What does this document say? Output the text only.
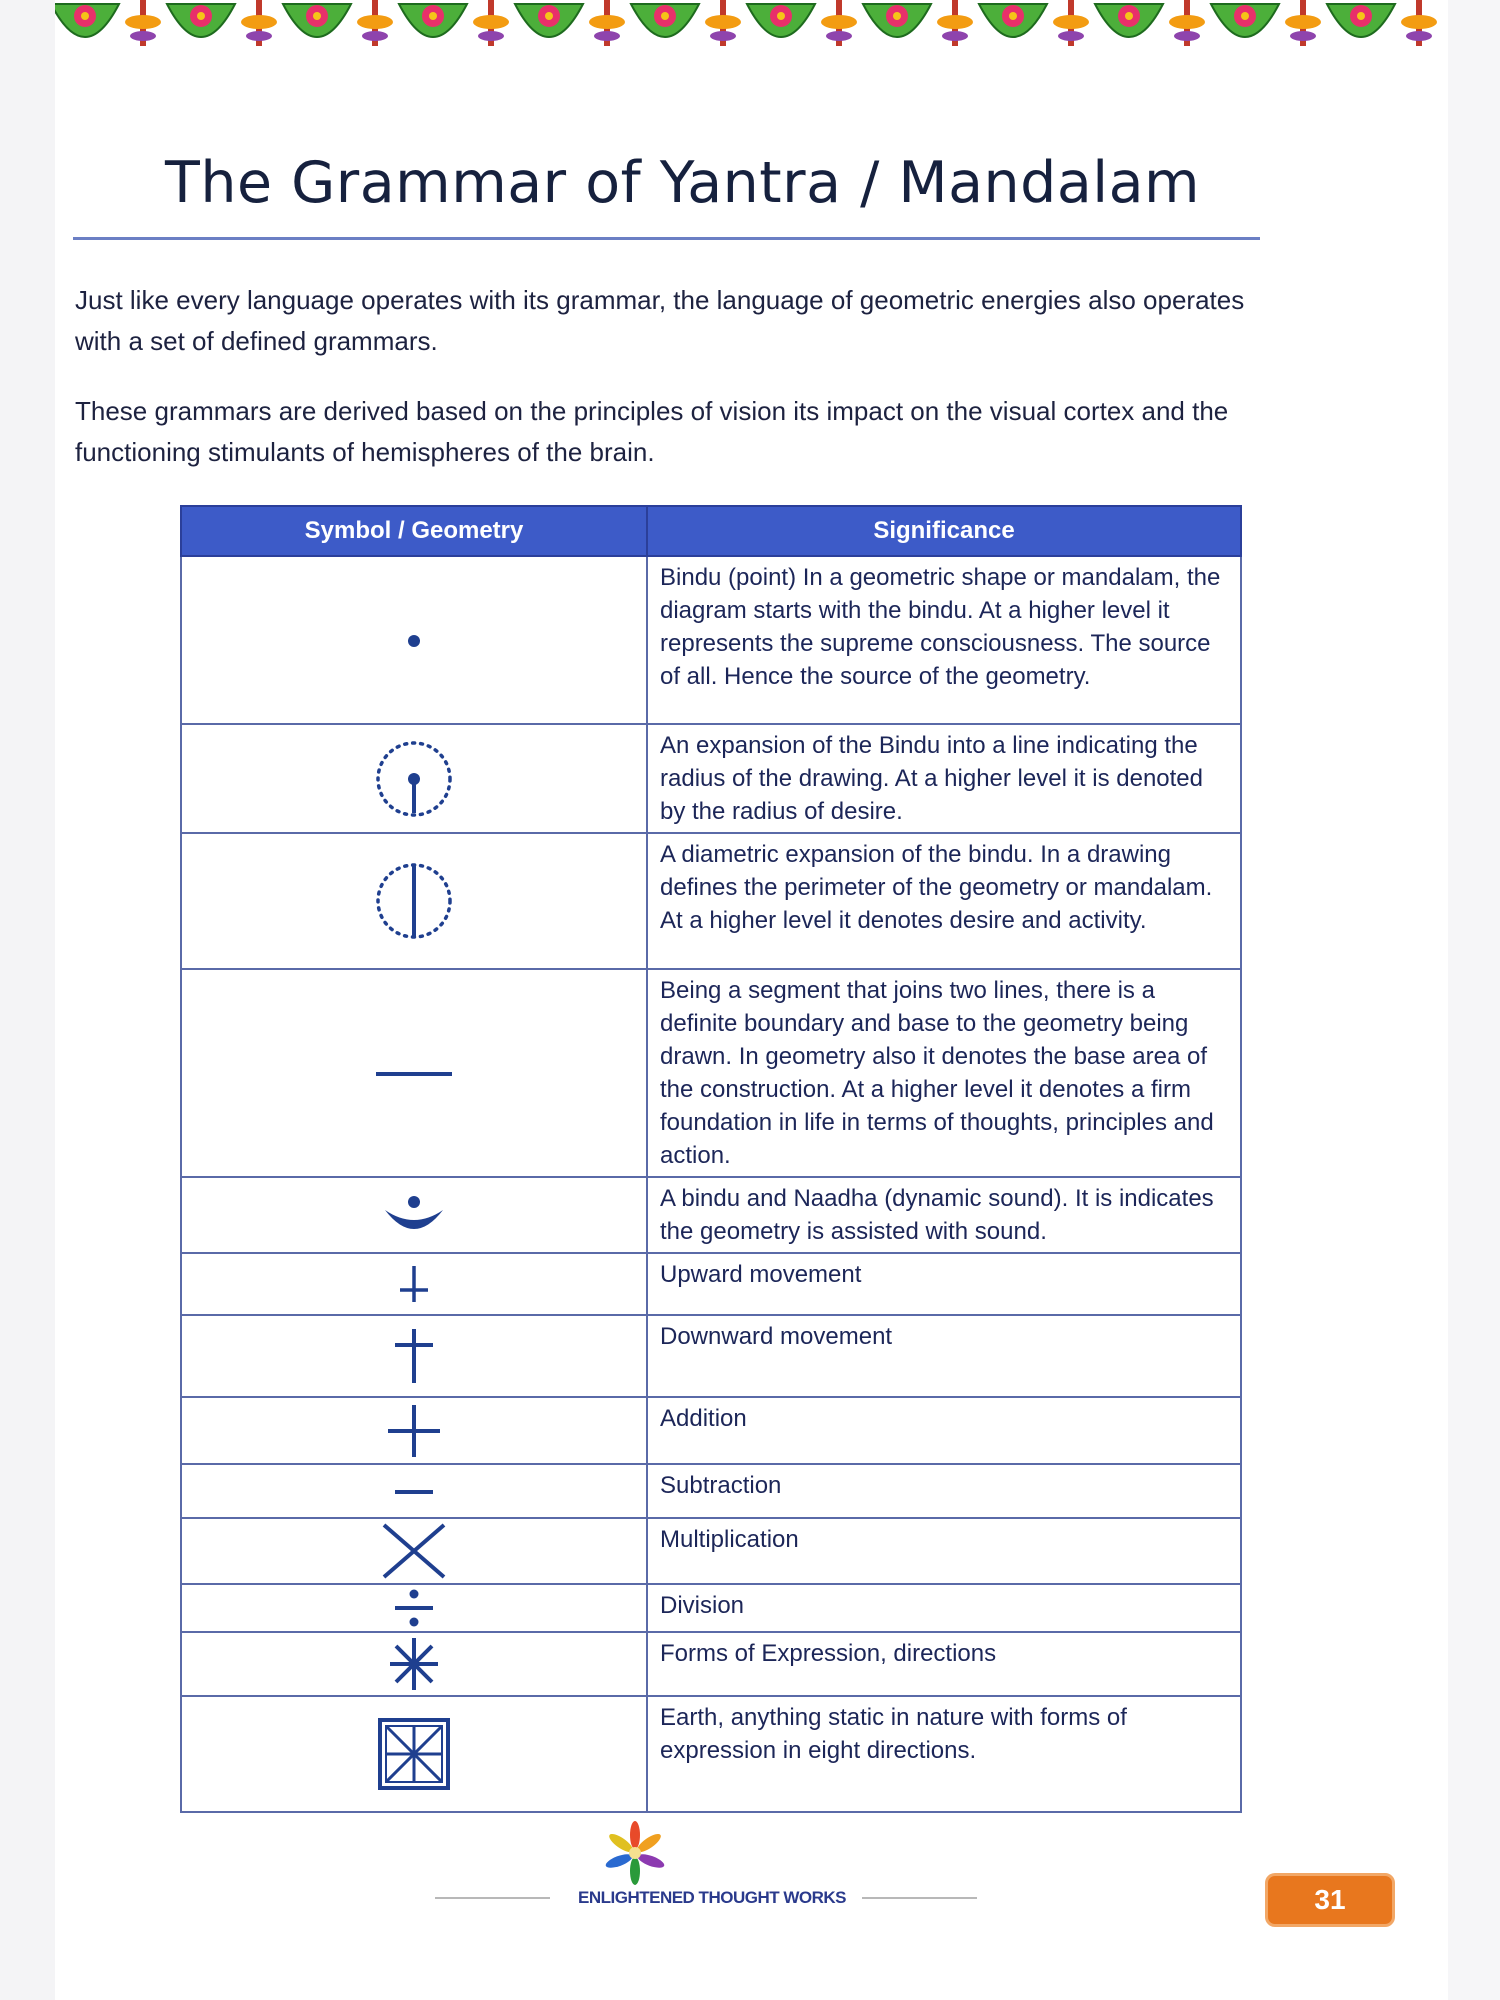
The Grammar of Yantra / Mandalam

Just like every language operates with its grammar, the language of geometric energies also operates with a set of defined grammars.

These grammars are derived based on the principles of vision its impact on the visual cortex and the functioning stimulants of hemispheres of the brain.

Symbol / Geometry	Significance
	Bindu (point) In a geometric shape or mandalam, the diagram starts with the bindu. At a higher level it represents the supreme consciousness. The source of all. Hence the source of the geometry.
	An expansion of the Bindu into a line indicating the radius of the drawing. At a higher level it is denoted by the radius of desire.
	A diametric expansion of the bindu. In a drawing defines the perimeter of the geometry or mandalam. At a higher level it denotes desire and activity.
	Being a segment that joins two lines, there is a definite boundary and base to the geometry being drawn. In geometry also it denotes the base area of the construction. At a higher level it denotes a firm foundation in life in terms of thoughts, principles and action.
	A bindu and Naadha (dynamic sound). It is indicates the geometry is assisted with sound.
	Upward movement
	Downward movement
	Addition
	Subtraction
	Multiplication
	Division
	Forms of Expression, directions
	Earth, anything static in nature with forms of expression in eight directions.
ENLIGHTENED THOUGHT WORKS	31
